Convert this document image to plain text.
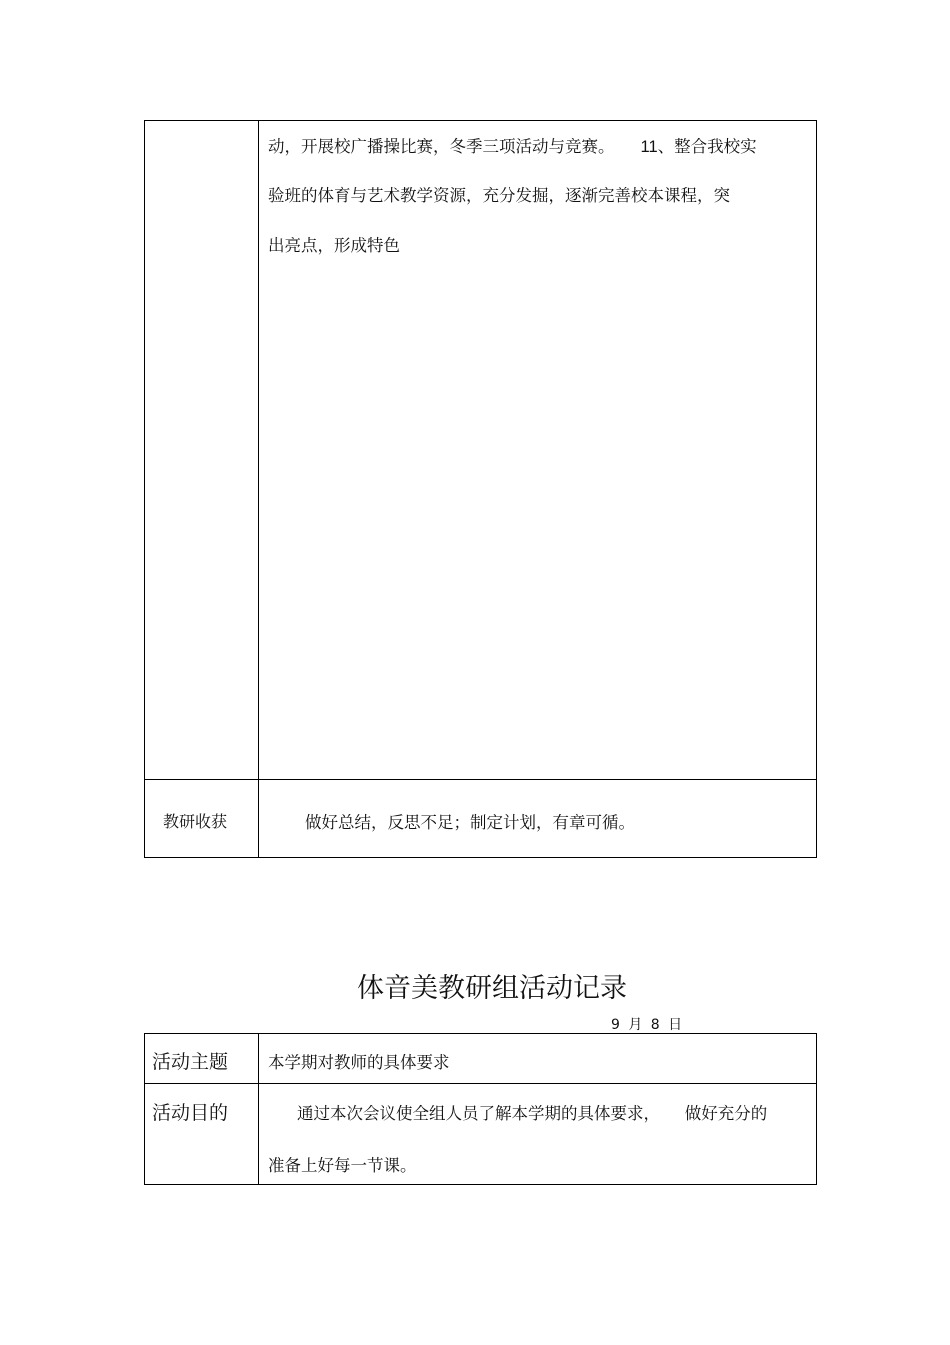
动，开展校广播操比赛，冬季三项活动与竞赛。 11、整合我校实
验班的体育与艺术教学资源，充分发掘，逐渐完善校本课程，突
出亮点，形成特色
教研收获	做好总结，反思不足；制定计划，有章可循。
体音美教研组活动记录
9 月 8 日
活动主题 本学期对教师的具体要求
活动目的	通过本次会议使全组人员了解本学期的具体要求，　　做好充分的
准备上好每一节课。
